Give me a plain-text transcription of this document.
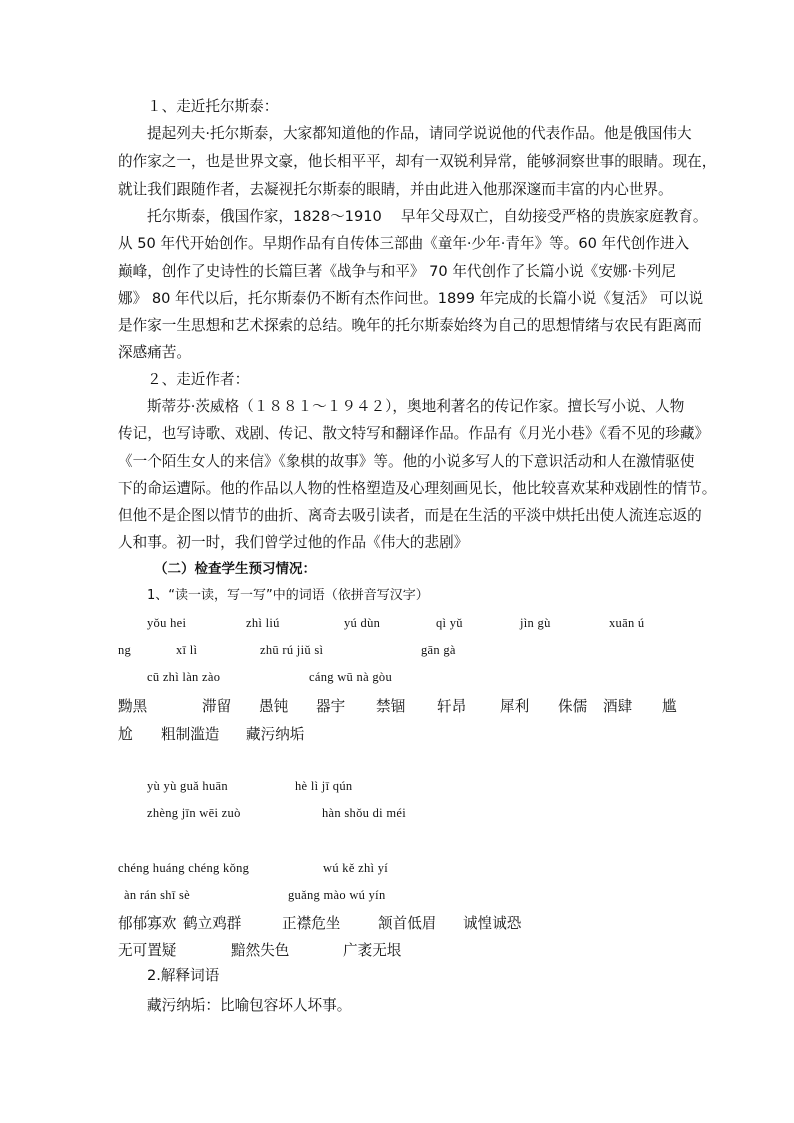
１、走近托尔斯泰：
提起列夫·托尔斯泰，大家都知道他的作品，请同学说说他的代表作品。他是俄国伟大
的作家之一，也是世界文豪，他长相平平，却有一双锐利异常，能够洞察世事的眼睛。现在，
就让我们跟随作者，去凝视托尔斯泰的眼睛，并由此进入他那深邃而丰富的内心世界。
托尔斯泰，俄国作家，1828～1910　 早年父母双亡，自幼接受严格的贵族家庭教育。
从 50 年代开始创作。早期作品有自传体三部曲《童年·少年·青年》等。60 年代创作进入
巅峰，创作了史诗性的长篇巨著《战争与和平》 70 年代创作了长篇小说《安娜·卡列尼
娜》 80 年代以后，托尔斯泰仍不断有杰作问世。1899 年完成的长篇小说《复活》 可以说
是作家一生思想和艺术探索的总结。晚年的托尔斯泰始终为自己的思想情绪与农民有距离而
深感痛苦。
２、走近作者：
斯蒂芬·茨威格（１８８１～１９４２），奥地利著名的传记作家。擅长写小说、人物
传记，也写诗歌、戏剧、传记、散文特写和翻译作品。作品有《月光小巷》《看不见的珍藏》
《一个陌生女人的来信》《象棋的故事》等。他的小说多写人的下意识活动和人在激情驱使
下的命运遭际。他的作品以人物的性格塑造及心理刻画见长，他比较喜欢某种戏剧性的情节。
但他不是企图以情节的曲折、离奇去吸引读者，而是在生活的平淡中烘托出使人流连忘返的
人和事。初一时，我们曾学过他的作品《伟大的悲剧》
（二）检查学生预习情况：
1、“读一读，写一写”中的词语（依拼音写汉字）
yǒu hei	zhì liú	yú dùn	qì yǔ	jìn gù	xuān ú
ng	xī lì	zhū rú jiǔ sì	gān gà
cū zhì làn zào	cáng wū nà gòu
黝黑	滞留 愚钝 器宇 禁锢 轩昂 犀利 侏儒 酒肆 尴
尬 粗制滥造 藏污纳垢
yù yù guǎ huān	hè lì jī qún
zhèng jīn wēi zuò	hàn shǒu di méi
chéng huáng chéng kǒng	wú kě zhì yí
àn rán shī sè	guǎng mào wú yín
郁郁寡欢 鹤立鸡群	正襟危坐	颔首低眉 诚惶诚恐
无可置疑	黯然失色	广袤无垠
2.解释词语
藏污纳垢：比喻包容坏人坏事。
